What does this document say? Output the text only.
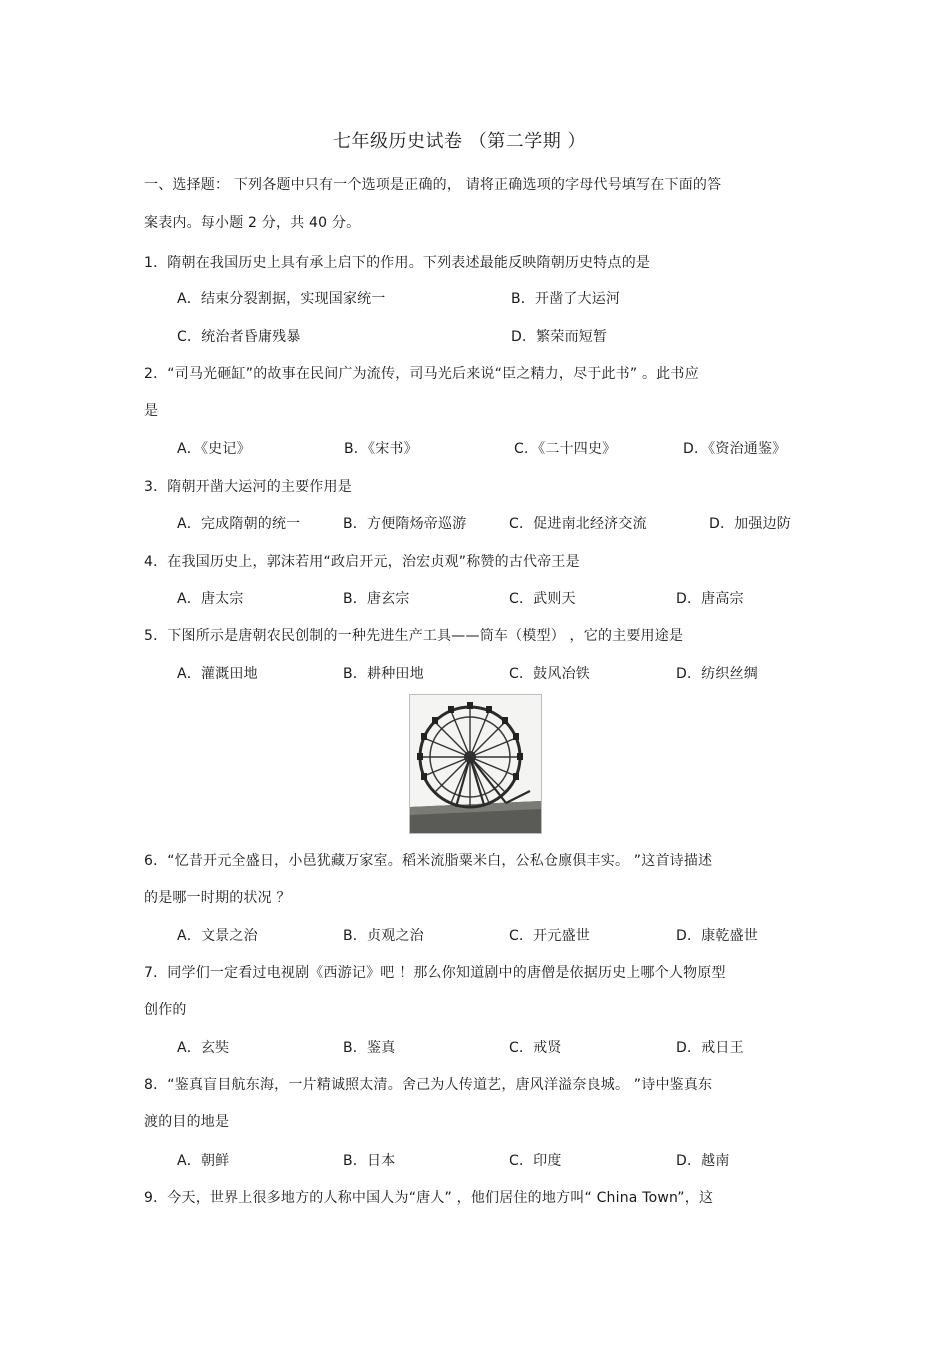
七年级历史试卷 （第二学期 ）
一、选择题： 下列各题中只有一个选项是正确的， 请将正确选项的字母代号填写在下面的答
案表内。每小题 2 分，共 40 分。
1．隋朝在我国历史上具有承上启下的作用。下列表述最能反映隋朝历史特点的是
A．结束分裂割据，实现国家统一	B．开凿了大运河
C．统治者昏庸残暴	D．繁荣而短暂
2．“司马光砸缸”的故事在民间广为流传，司马光后来说“臣之精力，尽于此书” 。此书应
是
A．《史记》	B．《宋书》	C．《二十四史》	D．《资治通鉴》
3．隋朝开凿大运河的主要作用是
A．完成隋朝的统一	B．方便隋炀帝巡游	C．促进南北经济交流	D．加强边防
4．在我国历史上，郭沫若用“政启开元，治宏贞观”称赞的古代帝王是
A．唐太宗	B．唐玄宗	C．武则天	D．唐高宗
5．下图所示是唐朝农民创制的一种先进生产工具——筒车（模型） ，它的主要用途是
A．灌溉田地	B．耕种田地	C．鼓风冶铁	D．纺织丝绸
6．“忆昔开元全盛日，小邑犹藏万家室。稻米流脂粟米白，公私仓廪俱丰实。 ”这首诗描述
的是哪一时期的状况 ？
A．文景之治	B．贞观之治	C．开元盛世	D．康乾盛世
7．同学们一定看过电视剧《西游记》吧 ！那么你知道剧中的唐僧是依据历史上哪个人物原型
创作的
A．玄奘	B．鉴真	C．戒贤	D．戒日王
8．“鉴真盲目航东海，一片精诚照太清。舍己为人传道艺，唐风洋溢奈良城。 ”诗中鉴真东
渡的目的地是
A．朝鲜	B．日本	C．印度	D．越南
9．今天，世界上很多地方的人称中国人为“唐人” ，他们居住的地方叫“ China Town”，这
